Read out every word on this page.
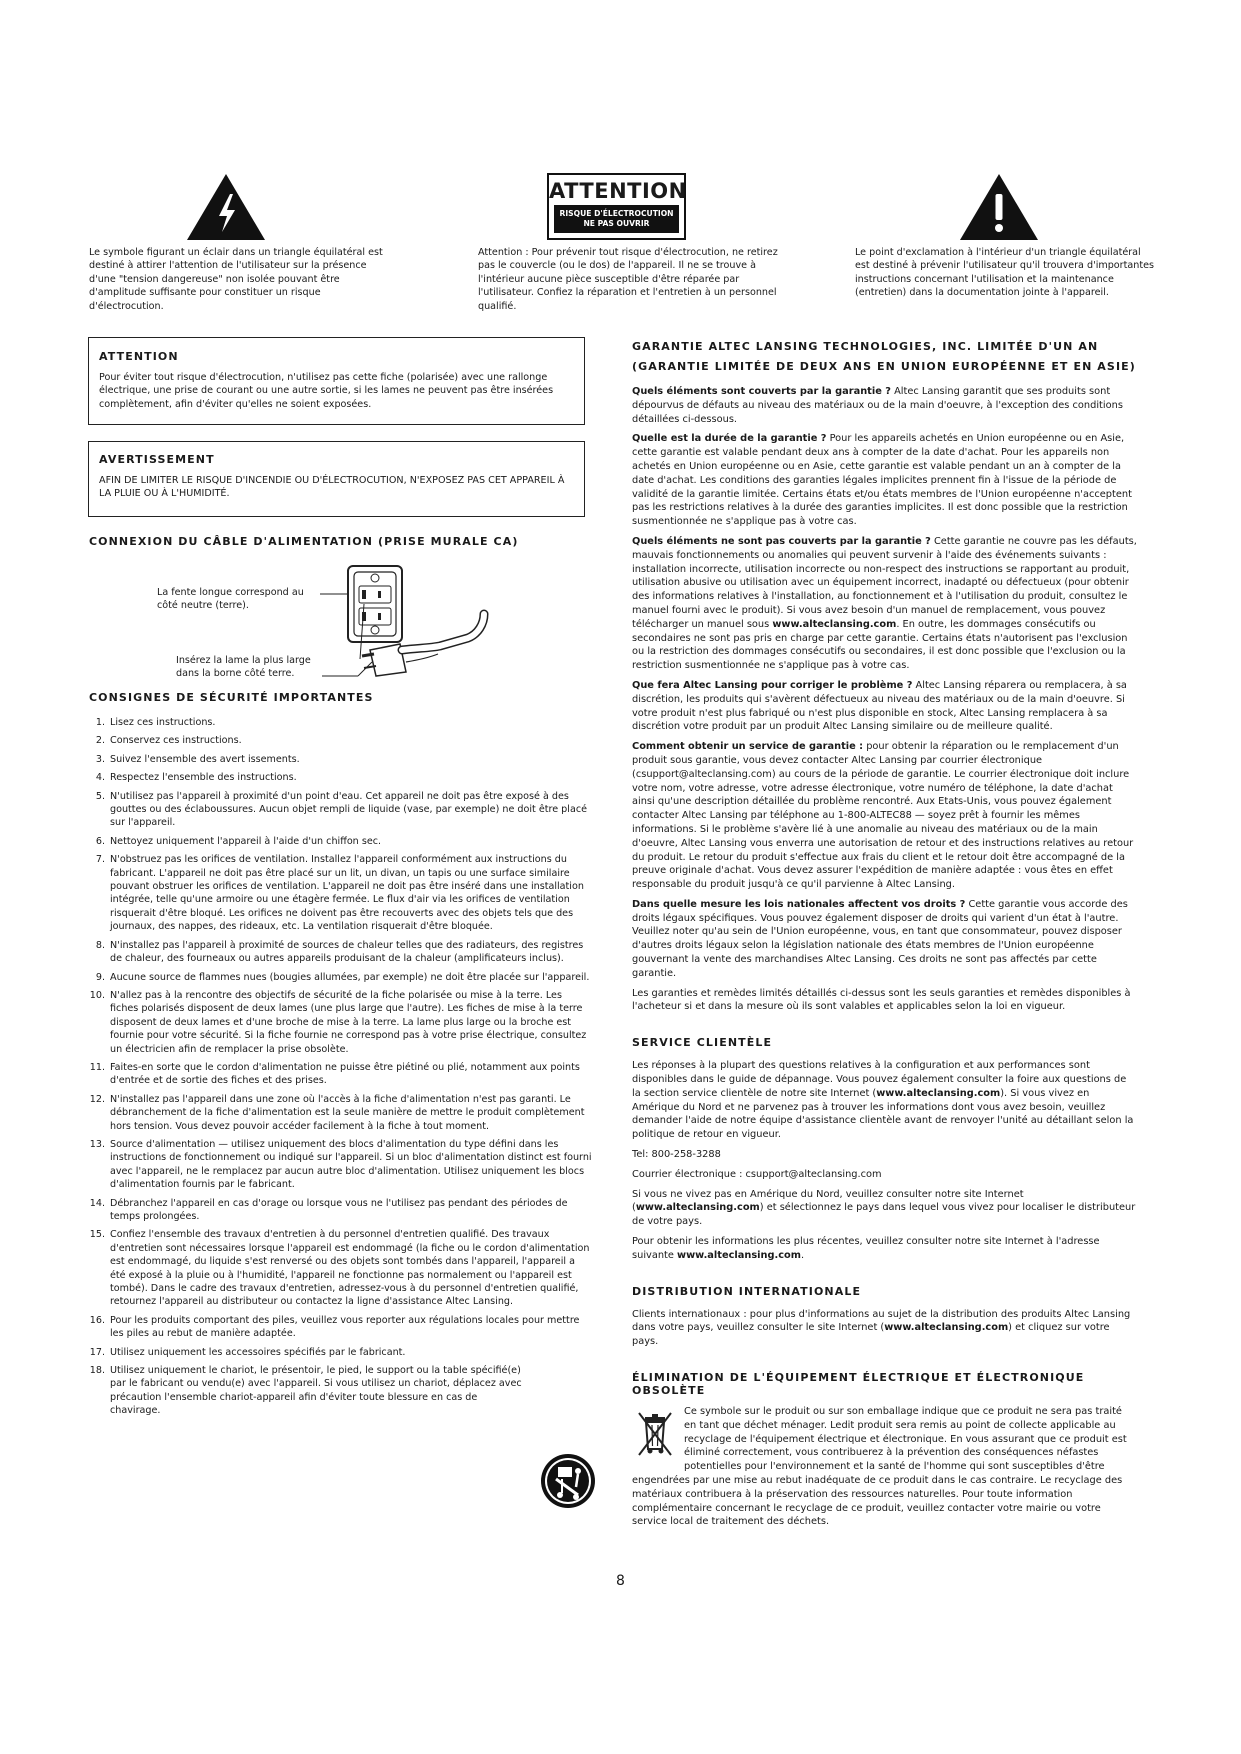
ATTENTION
RISQUE D'ÉLECTROCUTION
NE PAS OUVRIR
Le symbole figurant un éclair dans un triangle équilatéral est destiné à attirer l'attention de l'utilisateur sur la présence d'une "tension dangereuse" non isolée pouvant être d'amplitude suffisante pour constituer un risque d'électrocution.
Attention : Pour prévenir tout risque d'électrocution, ne retirez pas le couvercle (ou le dos) de l'appareil. Il ne se trouve à l'intérieur aucune pièce susceptible d'être réparée par l'utilisateur. Confiez la réparation et l'entretien à un personnel qualifié.
Le point d'exclamation à l'intérieur d'un triangle équilatéral est destiné à prévenir l'utilisateur qu'il trouvera d'importantes instructions concernant l'utilisation et la maintenance (entretien) dans la documentation jointe à l'appareil.
ATTENTION
Pour éviter tout risque d'électrocution, n'utilisez pas cette fiche (polarisée) avec une rallonge électrique, une prise de courant ou une autre sortie, si les lames ne peuvent pas être insérées complètement, afin d'éviter qu'elles ne soient exposées.
AVERTISSEMENT
AFIN DE LIMITER LE RISQUE D'INCENDIE OU D'ÉLECTROCUTION, N'EXPOSEZ PAS CET APPAREIL À LA PLUIE OU À L'HUMIDITÉ.
CONNEXION DU CÂBLE D'ALIMENTATION (PRISE MURALE CA)
La fente longue correspond au côté neutre (terre).
Insérez la lame la plus large dans la borne côté terre.
CONSIGNES DE SÉCURITÉ IMPORTANTES
1. Lisez ces instructions.
2. Conservez ces instructions.
3. Suivez l'ensemble des avert issements.
4. Respectez l'ensemble des instructions.
5. N'utilisez pas l'appareil à proximité d'un point d'eau. Cet appareil ne doit pas être exposé à des gouttes ou des éclaboussures. Aucun objet rempli de liquide (vase, par exemple) ne doit être placé sur l'appareil.
6. Nettoyez uniquement l'appareil à l'aide d'un chiffon sec.
7. N'obstruez pas les orifices de ventilation. Installez l'appareil conformément aux instructions du fabricant. L'appareil ne doit pas être placé sur un lit, un divan, un tapis ou une surface similaire pouvant obstruer les orifices de ventilation. L'appareil ne doit pas être inséré dans une installation intégrée, telle qu'une armoire ou une étagère fermée. Le flux d'air via les orifices de ventilation risquerait d'être bloqué. Les orifices ne doivent pas être recouverts avec des objets tels que des journaux, des nappes, des rideaux, etc. La ventilation risquerait d'être bloquée.
8. N'installez pas l'appareil à proximité de sources de chaleur telles que des radiateurs, des registres de chaleur, des fourneaux ou autres appareils produisant de la chaleur (amplificateurs inclus).
9. Aucune source de flammes nues (bougies allumées, par exemple) ne doit être placée sur l'appareil.
10. N'allez pas à la rencontre des objectifs de sécurité de la fiche polarisée ou mise à la terre. Les fiches polarisés disposent de deux lames (une plus large que l'autre). Les fiches de mise à la terre disposent de deux lames et d'une broche de mise à la terre. La lame plus large ou la broche est fournie pour votre sécurité. Si la fiche fournie ne correspond pas à votre prise électrique, consultez un électricien afin de remplacer la prise obsolète.
11. Faites-en sorte que le cordon d'alimentation ne puisse être piétiné ou plié, notamment aux points d'entrée et de sortie des fiches et des prises.
12. N'installez pas l'appareil dans une zone où l'accès à la fiche d'alimentation n'est pas garanti. Le débranchement de la fiche d'alimentation est la seule manière de mettre le produit complètement hors tension. Vous devez pouvoir accéder facilement à la fiche à tout moment.
13. Source d'alimentation — utilisez uniquement des blocs d'alimentation du type défini dans les instructions de fonctionnement ou indiqué sur l'appareil. Si un bloc d'alimentation distinct est fourni avec l'appareil, ne le remplacez par aucun autre bloc d'alimentation. Utilisez uniquement les blocs d'alimentation fournis par le fabricant.
14. Débranchez l'appareil en cas d'orage ou lorsque vous ne l'utilisez pas pendant des périodes de temps prolongées.
15. Confiez l'ensemble des travaux d'entretien à du personnel d'entretien qualifié. Des travaux d'entretien sont nécessaires lorsque l'appareil est endommagé (la fiche ou le cordon d'alimentation est endommagé, du liquide s'est renversé ou des objets sont tombés dans l'appareil, l'appareil a été exposé à la pluie ou à l'humidité, l'appareil ne fonctionne pas normalement ou l'appareil est tombé). Dans le cadre des travaux d'entretien, adressez-vous à du personnel d'entretien qualifié, retournez l'appareil au distributeur ou contactez la ligne d'assistance Altec Lansing.
16. Pour les produits comportant des piles, veuillez vous reporter aux régulations locales pour mettre les piles au rebut de manière adaptée.
17. Utilisez uniquement les accessoires spécifiés par le fabricant.
18. Utilisez uniquement le chariot, le présentoir, le pied, le support ou la table spécifié(e) par le fabricant ou vendu(e) avec l'appareil. Si vous utilisez un chariot, déplacez avec précaution l'ensemble chariot-appareil afin d'éviter toute blessure en cas de chavirage.
GARANTIE ALTEC LANSING TECHNOLOGIES, INC. LIMITÉE D'UN AN
(GARANTIE LIMITÉE DE DEUX ANS EN UNION EUROPÉENNE ET EN ASIE)

Quels éléments sont couverts par la garantie ? Altec Lansing garantit que ses produits sont dépourvus de défauts au niveau des matériaux ou de la main d'oeuvre, à l'exception des conditions détaillées ci-dessous.

Quelle est la durée de la garantie ? Pour les appareils achetés en Union européenne ou en Asie, cette garantie est valable pendant deux ans à compter de la date d'achat. Pour les appareils non achetés en Union européenne ou en Asie, cette garantie est valable pendant un an à compter de la date d'achat. Les conditions des garanties légales implicites prennent fin à l'issue de la période de validité de la garantie limitée. Certains états et/ou états membres de l'Union européenne n'acceptent pas les restrictions relatives à la durée des garanties implicites. Il est donc possible que la restriction susmentionnée ne s'applique pas à votre cas.

Quels éléments ne sont pas couverts par la garantie ? Cette garantie ne couvre pas les défauts, mauvais fonctionnements ou anomalies qui peuvent survenir à l'aide des événements suivants : installation incorrecte, utilisation incorrecte ou non-respect des instructions se rapportant au produit, utilisation abusive ou utilisation avec un équipement incorrect, inadapté ou défectueux (pour obtenir des informations relatives à l'installation, au fonctionnement et à l'utilisation du produit, consultez le manuel fourni avec le produit). Si vous avez besoin d'un manuel de remplacement, vous pouvez télécharger un manuel sous www.alteclansing.com. En outre, les dommages consécutifs ou secondaires ne sont pas pris en charge par cette garantie. Certains états n'autorisent pas l'exclusion ou la restriction des dommages consécutifs ou secondaires, il est donc possible que l'exclusion ou la restriction susmentionnée ne s'applique pas à votre cas.

Que fera Altec Lansing pour corriger le problème ? Altec Lansing réparera ou remplacera, à sa discrétion, les produits qui s'avèrent défectueux au niveau des matériaux ou de la main d'oeuvre. Si votre produit n'est plus fabriqué ou n'est plus disponible en stock, Altec Lansing remplacera à sa discrétion votre produit par un produit Altec Lansing similaire ou de meilleure qualité.

Comment obtenir un service de garantie : pour obtenir la réparation ou le remplacement d'un produit sous garantie, vous devez contacter Altec Lansing par courrier électronique (csupport@alteclansing.com) au cours de la période de garantie. Le courrier électronique doit inclure votre nom, votre adresse, votre adresse électronique, votre numéro de téléphone, la date d'achat ainsi qu'une description détaillée du problème rencontré. Aux Etats-Unis, vous pouvez également contacter Altec Lansing par téléphone au 1-800-ALTEC88 — soyez prêt à fournir les mêmes informations. Si le problème s'avère lié à une anomalie au niveau des matériaux ou de la main d'oeuvre, Altec Lansing vous enverra une autorisation de retour et des instructions relatives au retour du produit. Le retour du produit s'effectue aux frais du client et le retour doit être accompagné de la preuve originale d'achat. Vous devez assurer l'expédition de manière adaptée : vous êtes en effet responsable du produit jusqu'à ce qu'il parvienne à Altec Lansing.

Dans quelle mesure les lois nationales affectent vos droits ? Cette garantie vous accorde des droits légaux spécifiques. Vous pouvez également disposer de droits qui varient d'un état à l'autre. Veuillez noter qu'au sein de l'Union européenne, vous, en tant que consommateur, pouvez disposer d'autres droits légaux selon la législation nationale des états membres de l'Union européenne gouvernant la vente des marchandises Altec Lansing. Ces droits ne sont pas affectés par cette garantie.

Les garanties et remèdes limités détaillés ci-dessus sont les seuls garanties et remèdes disponibles à l'acheteur si et dans la mesure où ils sont valables et applicables selon la loi en vigueur.

SERVICE CLIENTÈLE

Les réponses à la plupart des questions relatives à la configuration et aux performances sont disponibles dans le guide de dépannage. Vous pouvez également consulter la foire aux questions de la section service clientèle de notre site Internet (www.alteclansing.com). Si vous vivez en Amérique du Nord et ne parvenez pas à trouver les informations dont vous avez besoin, veuillez demander l'aide de notre équipe d'assistance clientèle avant de renvoyer l'unité au détaillant selon la politique de retour en vigueur.

Tel: 800-258-3288

Courrier électronique : csupport@alteclansing.com

Si vous ne vivez pas en Amérique du Nord, veuillez consulter notre site Internet (www.alteclansing.com) et sélectionnez le pays dans lequel vous vivez pour localiser le distributeur de votre pays.

Pour obtenir les informations les plus récentes, veuillez consulter notre site Internet à l'adresse suivante www.alteclansing.com.

DISTRIBUTION INTERNATIONALE

Clients internationaux : pour plus d'informations au sujet de la distribution des produits Altec Lansing dans votre pays, veuillez consulter le site Internet (www.alteclansing.com) et cliquez sur votre pays.

ÉLIMINATION DE L'ÉQUIPEMENT ÉLECTRIQUE ET ÉLECTRONIQUE OBSOLÈTE
Ce symbole sur le produit ou sur son emballage indique que ce produit ne sera pas traité en tant que déchet ménager. Ledit produit sera remis au point de collecte applicable au recyclage de l'équipement électrique et électronique. En vous assurant que ce produit est éliminé correctement, vous contribuerez à la prévention des conséquences néfastes potentielles pour l'environnement et la santé de l'homme qui sont susceptibles d'être engendrées par une mise au rebut inadéquate de ce produit dans le cas contraire. Le recyclage des matériaux contribuera à la préservation des ressources naturelles. Pour toute information complémentaire concernant le recyclage de ce produit, veuillez contacter votre mairie ou votre service local de traitement des déchets.
8
